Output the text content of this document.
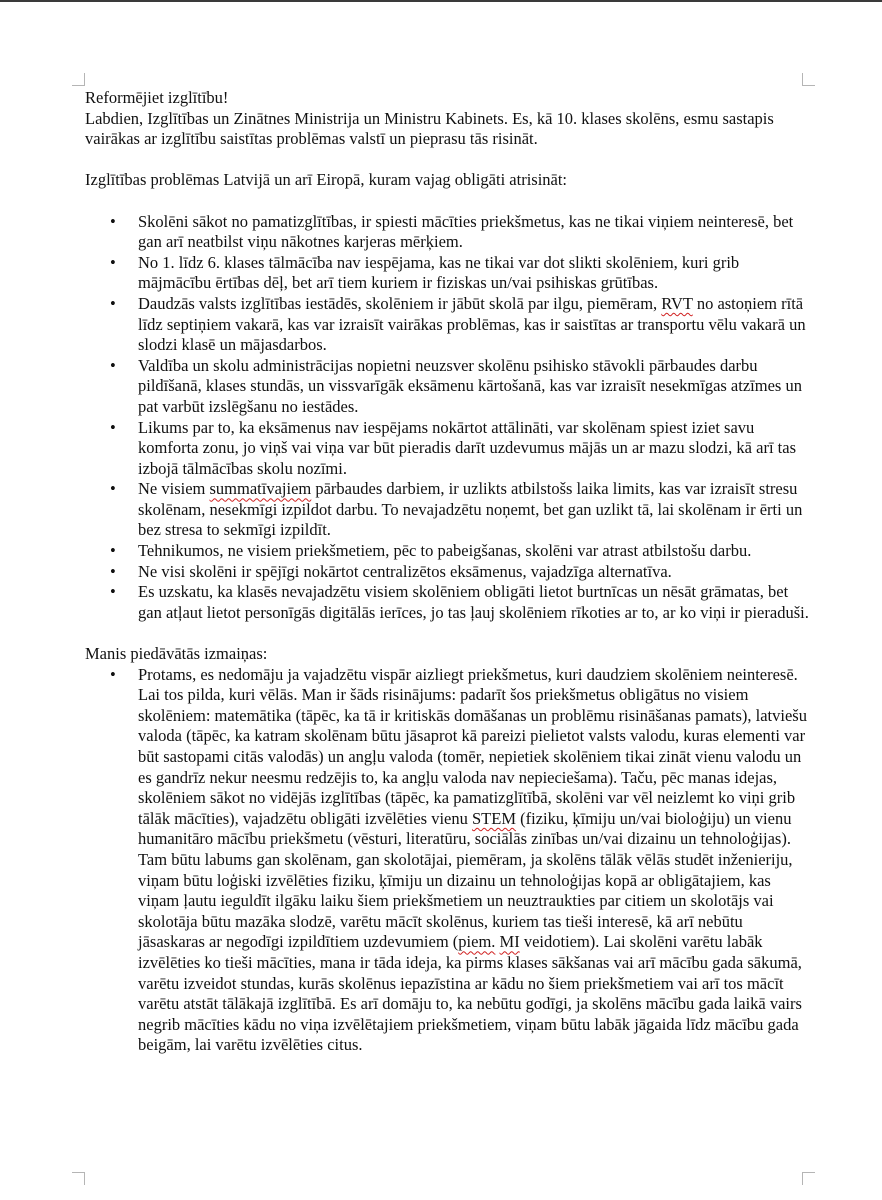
Reformējiet izglītību!

Labdien, Izglītības un Zinātnes Ministrija un Ministru Kabinets. Es, kā 10. klases skolēns, esmu sastapis vairākas ar izglītību saistītas problēmas valstī un pieprasu tās risināt.

Izglītības problēmas Latvijā un arī Eiropā, kuram vajag obligāti atrisināt:

• Skolēni sākot no pamatizglītības, ir spiesti mācīties priekšmetus, kas ne tikai viņiem neinteresē, bet gan arī neatbilst viņu nākotnes karjeras mērķiem.
• No 1. līdz 6. klases tālmācība nav iespējama, kas ne tikai var dot slikti skolēniem, kuri grib mājmācību ērtības dēļ, bet arī tiem kuriem ir fiziskas un/vai psihiskas grūtības.
• Daudzās valsts izglītības iestādēs, skolēniem ir jābūt skolā par ilgu, piemēram, RVT no astoņiem rītā līdz septiņiem vakarā, kas var izraisīt vairākas problēmas, kas ir saistītas ar transportu vēlu vakarā un slodzi klasē un mājasdarbos.
• Valdība un skolu administrācijas nopietni neuzsver skolēnu psihisko stāvokli pārbaudes darbu pildīšanā, klases stundās, un vissvarīgāk eksāmenu kārtošanā, kas var izraisīt nesekmīgas atzīmes un pat varbūt izslēgšanu no iestādes.
• Likums par to, ka eksāmenus nav iespējams nokārtot attālināti, var skolēnam spiest iziet savu komforta zonu, jo viņš vai viņa var būt pieradis darīt uzdevumus mājās un ar mazu slodzi, kā arī tas izbojā tālmācības skolu nozīmi.
• Ne visiem summatīvajiem pārbaudes darbiem, ir uzlikts atbilstošs laika limits, kas var izraisīt stresu skolēnam, nesekmīgi izpildot darbu. To nevajadzētu noņemt, bet gan uzlikt tā, lai skolēnam ir ērti un bez stresa to sekmīgi izpildīt.
• Tehnikumos, ne visiem priekšmetiem, pēc to pabeigšanas, skolēni var atrast atbilstošu darbu.
• Ne visi skolēni ir spējīgi nokārtot centralizētos eksāmenus, vajadzīga alternatīva.
• Es uzskatu, ka klasēs nevajadzētu visiem skolēniem obligāti lietot burtnīcas un nēsāt grāmatas, bet gan atļaut lietot personīgās digitālās ierīces, jo tas ļauj skolēniem rīkoties ar to, ar ko viņi ir pieraduši.

Manis piedāvātās izmaiņas:

• Protams, es nedomāju ja vajadzētu vispār aizliegt priekšmetus, kuri daudziem skolēniem neinteresē. Lai tos pilda, kuri vēlās. Man ir šāds risinājums: padarīt šos priekšmetus obligātus no visiem skolēniem: matemātika (tāpēc, ka tā ir kritiskās domāšanas un problēmu risināšanas pamats), latviešu valoda (tāpēc, ka katram skolēnam būtu jāsaprot kā pareizi pielietot valsts valodu, kuras elementi var būt sastopami citās valodās) un angļu valoda (tomēr, nepietiek skolēniem tikai zināt vienu valodu un es gandrīz nekur neesmu redzējis to, ka angļu valoda nav nepieciešama). Taču, pēc manas idejas, skolēniem sākot no vidējās izglītības (tāpēc, ka pamatizglītībā, skolēni var vēl neizlemt ko viņi grib tālāk mācīties), vajadzētu obligāti izvēlēties vienu STEM (fiziku, ķīmiju un/vai bioloģiju) un vienu humanitāro mācību priekšmetu (vēsturi, literatūru, sociālās zinības un/vai dizainu un tehnoloģijas). Tam būtu labums gan skolēnam, gan skolotājai, piemēram, ja skolēns tālāk vēlās studēt inženieriju, viņam būtu loģiski izvēlēties fiziku, ķīmiju un dizainu un tehnoloģijas kopā ar obligātajiem, kas viņam ļautu ieguldīt ilgāku laiku šiem priekšmetiem un neuztraukties par citiem un skolotājs vai skolotāja būtu mazāka slodzē, varētu mācīt skolēnus, kuriem tas tieši interesē, kā arī nebūtu jāsaskaras ar negodīgi izpildītiem uzdevumiem (piem. MI veidotiem). Lai skolēni varētu labāk izvēlēties ko tieši mācīties, mana ir tāda ideja, ka pirms klases sākšanas vai arī mācību gada sākumā, varētu izveidot stundas, kurās skolēnus iepazīstina ar kādu no šiem priekšmetiem vai arī tos mācīt varētu atstāt tālākajā izglītībā. Es arī domāju to, ka nebūtu godīgi, ja skolēns mācību gada laikā vairs negrib mācīties kādu no viņa izvēlētajiem priekšmetiem, viņam būtu labāk jāgaida līdz mācību gada beigām, lai varētu izvēlēties citus.
